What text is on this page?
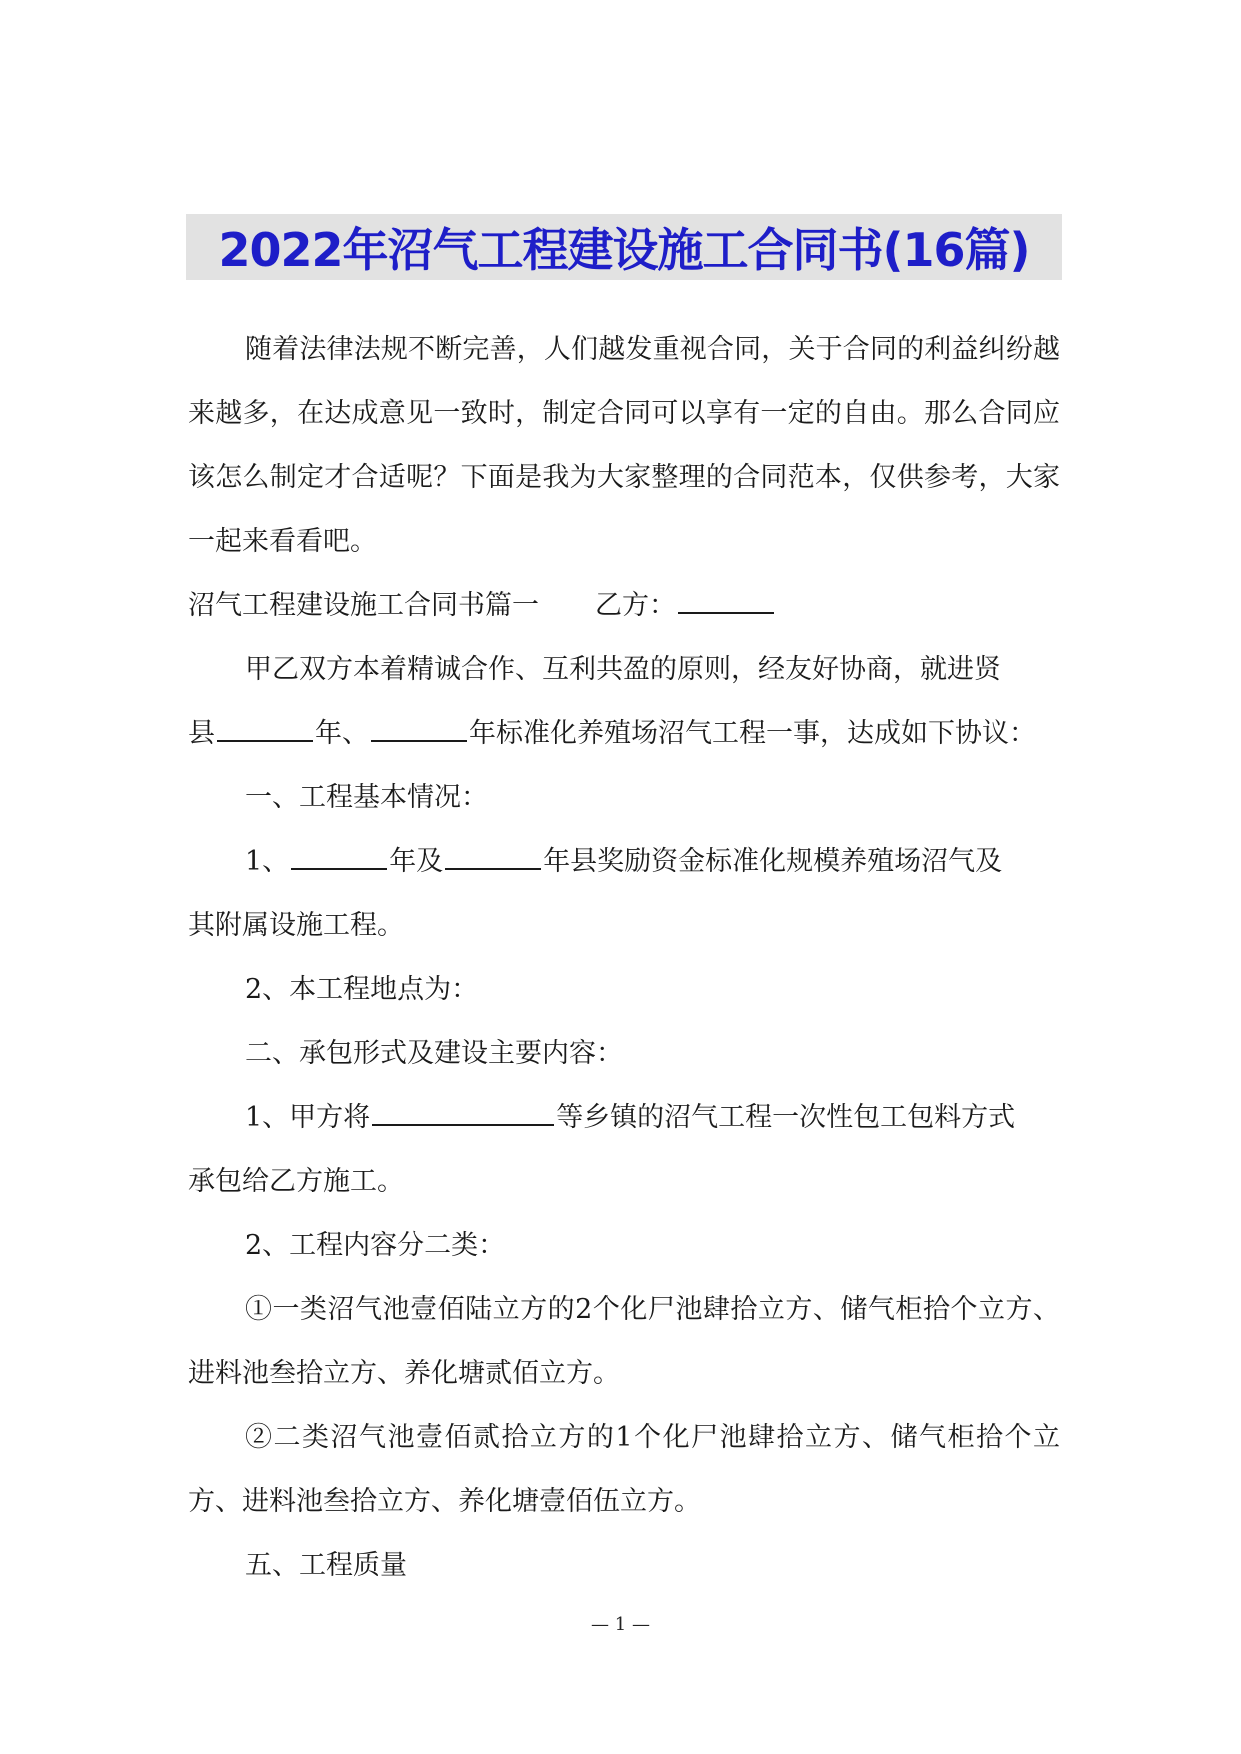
2022年沼气工程建设施工合同书(16篇)

随着法律法规不断完善，人们越发重视合同，关于合同的利益纠纷越来越多，在达成意见一致时，制定合同可以享有一定的自由。那么合同应该怎么制定才合适呢？下面是我为大家整理的合同范本，仅供参考，大家一起来看看吧。

沼气工程建设施工合同书篇一 乙方：
甲乙双方本着精诚合作、互利共盈的原则，经友好协商，就进贤
县	年、	年标准化养殖场沼气工程一事，达成如下协议：
一、工程基本情况：
1、	年及	年县奖励资金标准化规模养殖场沼气及
其附属设施工程。
2、本工程地点为：
二、承包形式及建设主要内容：
1、甲方将	等乡镇的沼气工程一次性包工包料方式
承包给乙方施工。
2、工程内容分二类：

①一类沼气池壹佰陆立方的2个化尸池肆拾立方、储气柜拾个立方、进料池叁拾立方、养化塘贰佰立方。

②二类沼气池壹佰贰拾立方的1个化尸池肆拾立方、储气柜拾个立方、进料池叁拾立方、养化塘壹佰伍立方。

五、工程质量
— 1 —
